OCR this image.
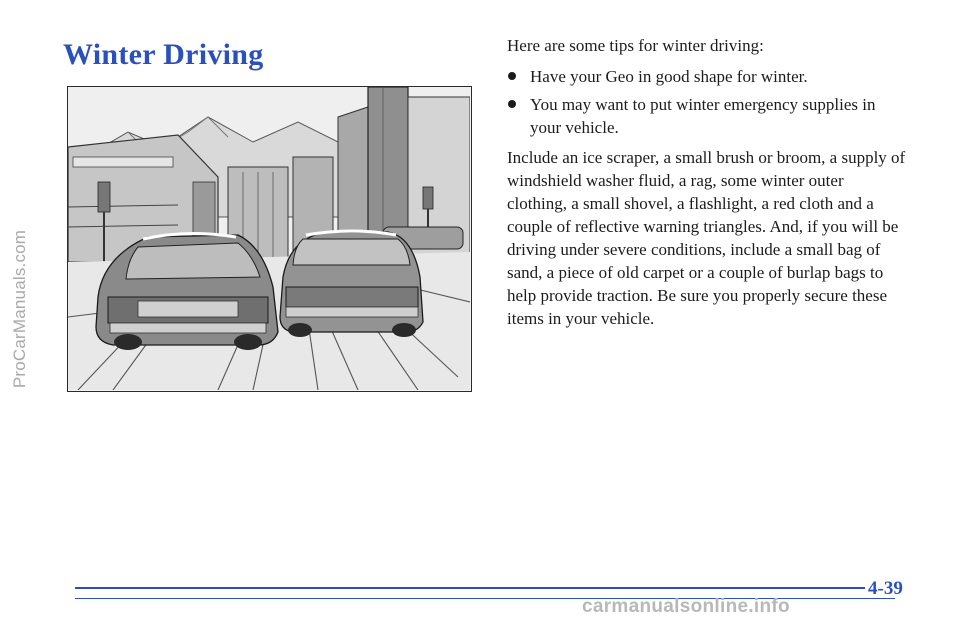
ProCarManuals.com
Winter Driving	Here are some tips for winter driving:

Have your Geo in good shape for winter.
You may want to put winter emergency supplies in your vehicle.

Include an ice scraper, a small brush or broom, a supply of windshield washer fluid, a rag, some winter outer clothing, a small shovel, a flashlight, a red cloth and a couple of reflective warning triangles. And, if you will be driving under severe conditions, include a small bag of sand, a piece of old carpet or a couple of burlap bags to help provide traction. Be sure you properly secure these items in your vehicle.

4-39
carmanualsonline.info
